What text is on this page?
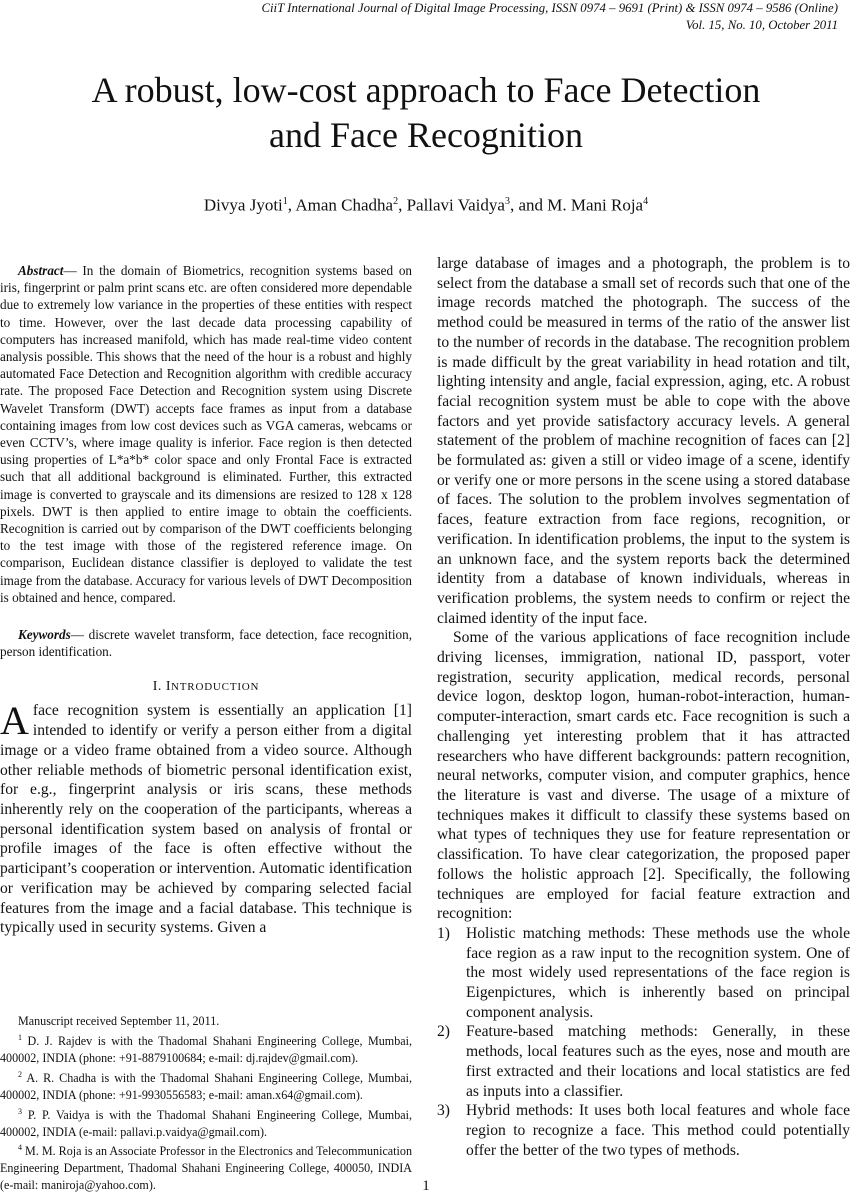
CiiT International Journal of Digital Image Processing, ISSN 0974 – 9691 (Print) & ISSN 0974 – 9586 (Online)
Vol. 15, No. 10, October 2011
A robust, low-cost approach to Face Detection
and Face Recognition
Divya Jyoti$^1$, Aman Chadha$^2$, Pallavi Vaidya$^3$, and M. Mani Roja$^4$

Abstract— In the domain of Biometrics, recognition systems based on iris, fingerprint or palm print scans etc. are often considered more dependable due to extremely low variance in the properties of these entities with respect to time. However, over the last decade data processing capability of computers has increased manifold, which has made real-time video content analysis possible. This shows that the need of the hour is a robust and highly automated Face Detection and Recognition algorithm with credible accuracy rate. The proposed Face Detection and Recognition system using Discrete Wavelet Transform (DWT) accepts face frames as input from a database containing images from low cost devices such as VGA cameras, webcams or even CCTV’s, where image quality is inferior. Face region is then detected using properties of L*a*b* color space and only Frontal Face is extracted such that all additional background is eliminated. Further, this extracted image is converted to grayscale and its dimensions are resized to 128 x 128 pixels. DWT is then applied to entire image to obtain the coefficients. Recognition is carried out by comparison of the DWT coefficients belonging to the test image with those of the registered reference image. On comparison, Euclidean distance classifier is deployed to validate the test image from the database. Accuracy for various levels of DWT Decomposition is obtained and hence, compared.

Keywords— discrete wavelet transform, face detection, face recognition, person identification.

I. INTRODUCTION

A face recognition system is essentially an application [1] intended to identify or verify a person either from a digital image or a video frame obtained from a video source. Although other reliable methods of biometric personal identification exist, for e.g., fingerprint analysis or iris scans, these methods inherently rely on the cooperation of the participants, whereas a personal identification system based on analysis of frontal or profile images of the face is often effective without the participant’s cooperation or intervention. Automatic identification or verification may be achieved by comparing selected facial features from the image and a facial database. This technique is typically used in security systems. Given a

Manuscript received September 11, 2011.

$^1$ D. J. Rajdev is with the Thadomal Shahani Engineering College, Mumbai, 400002, INDIA (phone: +91-8879100684; e-mail: dj.rajdev@gmail.com).

$^2$ A. R. Chadha is with the Thadomal Shahani Engineering College, Mumbai, 400002, INDIA (phone: +91-9930556583; e-mail: aman.x64@gmail.com).

$^3$ P. P. Vaidya is with the Thadomal Shahani Engineering College, Mumbai, 400002, INDIA (e-mail: pallavi.p.vaidya@gmail.com).

$^4$ M. M. Roja is an Associate Professor in the Electronics and Telecommunication Engineering Department, Thadomal Shahani Engineering College, 400050, INDIA (e-mail: maniroja@yahoo.com).

large database of images and a photograph, the problem is to select from the database a small set of records such that one of the image records matched the photograph. The success of the method could be measured in terms of the ratio of the answer list to the number of records in the database. The recognition problem is made difficult by the great variability in head rotation and tilt, lighting intensity and angle, facial expression, aging, etc. A robust facial recognition system must be able to cope with the above factors and yet provide satisfactory accuracy levels. A general statement of the problem of machine recognition of faces can [2] be formulated as: given a still or video image of a scene, identify or verify one or more persons in the scene using a stored database of faces. The solution to the problem involves segmentation of faces, feature extraction from face regions, recognition, or verification. In identification problems, the input to the system is an unknown face, and the system reports back the determined identity from a database of known individuals, whereas in verification problems, the system needs to confirm or reject the claimed identity of the input face.

Some of the various applications of face recognition include driving licenses, immigration, national ID, passport, voter registration, security application, medical records, personal device logon, desktop logon, human-robot-interaction, human-computer-interaction, smart cards etc. Face recognition is such a challenging yet interesting problem that it has attracted researchers who have different backgrounds: pattern recognition, neural networks, computer vision, and computer graphics, hence the literature is vast and diverse. The usage of a mixture of techniques makes it difficult to classify these systems based on what types of techniques they use for feature representation or classification. To have clear categorization, the proposed paper follows the holistic approach [2]. Specifically, the following techniques are employed for facial feature extraction and recognition:

1) Holistic matching methods: These methods use the whole face region as a raw input to the recognition system. One of the most widely used representations of the face region is Eigenpictures, which is inherently based on principal component analysis.
2) Feature-based matching methods: Generally, in these methods, local features such as the eyes, nose and mouth are first extracted and their locations and local statistics are fed as inputs into a classifier.
3) Hybrid methods: It uses both local features and whole face region to recognize a face. This method could potentially offer the better of the two types of methods.
1
